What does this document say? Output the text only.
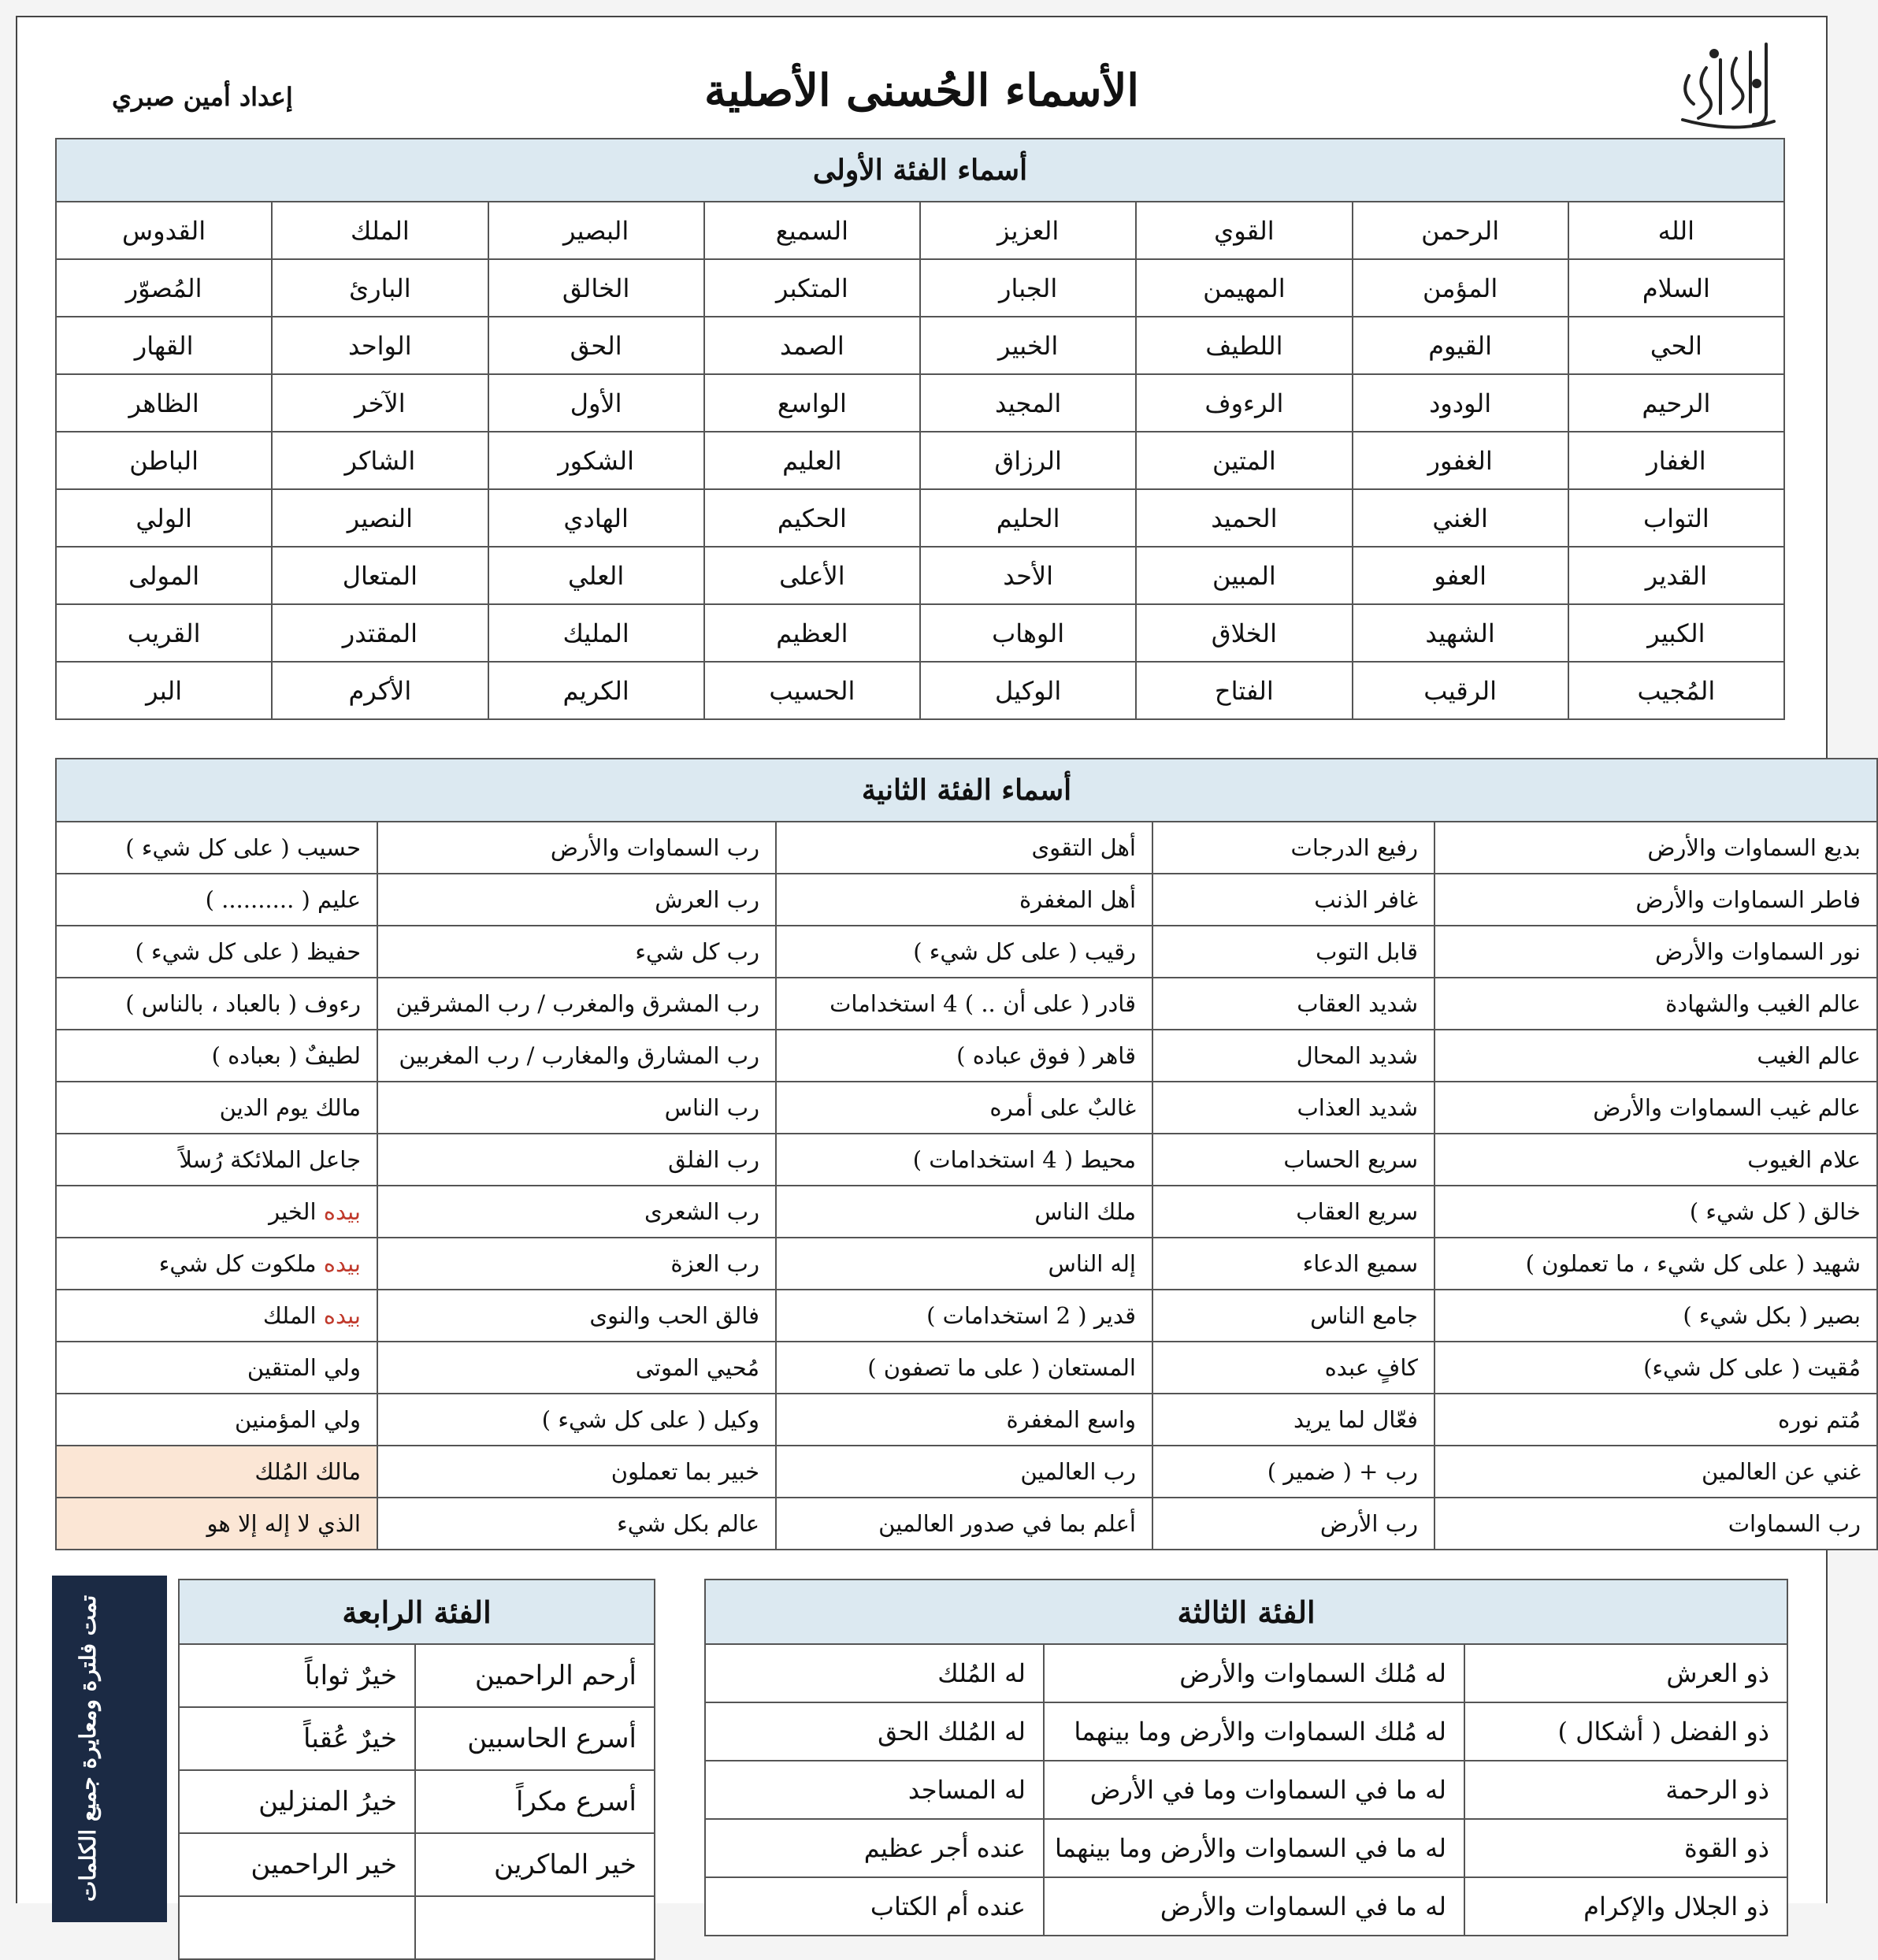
الأسماء الحُسنى الأصلية
إعداد أمين صبري
أسماء الفئة الأولى							
الله	الرحمن	القوي	العزيز	السميع	البصير	الملك	القدوس
السلام	المؤمن	المهيمن	الجبار	المتكبر	الخالق	البارئ	المُصوّر
الحي	القيوم	اللطيف	الخبير	الصمد	الحق	الواحد	القهار
الرحيم	الودود	الرءوف	المجيد	الواسع	الأول	الآخر	الظاهر
الغفار	الغفور	المتين	الرزاق	العليم	الشكور	الشاكر	الباطن
التواب	الغني	الحميد	الحليم	الحكيم	الهادي	النصير	الولي
القدير	العفو	المبين	الأحد	الأعلى	العلي	المتعال	المولى
الكبير	الشهيد	الخلاق	الوهاب	العظيم	المليك	المقتدر	القريب
المُجيب	الرقيب	الفتاح	الوكيل	الحسيب	الكريم	الأكرم	البر
أسماء الفئة الثانية				
بديع السماوات والأرض	رفيع الدرجات	أهل التقوى	رب السماوات والأرض	حسيب ( على كل شيء )
فاطر السماوات والأرض	غافر الذنب	أهل المغفرة	رب العرش	عليم ( .......... )
نور السماوات والأرض	قابل التوب	رقيب ( على كل شيء )	رب كل شيء	حفيظ ( على كل شيء )
عالم الغيب والشهادة	شديد العقاب	قادر ( على أن .. ) 4 استخدامات	رب المشرق والمغرب / رب المشرقين	رءوف ( بالعباد ، بالناس )
عالم الغيب	شديد المحال	قاهر ( فوق عباده )	رب المشارق والمغارب / رب المغربين	لطيفٌ ( بعباده )
عالم غيب السماوات والأرض	شديد العذاب	غالبٌ على أمره	رب الناس	مالك يوم الدين
علام الغيوب	سريع الحساب	محيط ( 4 استخدامات )	رب الفلق	جاعل الملائكة رُسلاً
خالق ( كل شيء )	سريع العقاب	ملك الناس	رب الشعرى	بيده الخير
شهيد ( على كل شيء ، ما تعملون )	سميع الدعاء	إله الناس	رب العزة	بيده ملكوت كل شيء
بصير ( بكل شيء )	جامع الناس	قدير ( 2 استخدامات )	فالق الحب والنوى	بيده الملك
مُقيت ( على كل شيء)	كافٍ عبده	المستعان ( على ما تصفون )	مُحيي الموتى	ولي المتقين
مُتم نوره	فعّال لما يريد	واسع المغفرة	وكيل ( على كل شيء )	ولي المؤمنين
غني عن العالمين	رب + ( ضمير )	رب العالمين	خبير بما تعملون	مالك المُلك
رب السماوات	رب الأرض	أعلم بما في صدور العالمين	عالم بكل شيء	الذي لا إله إلا هو
الفئة الثالثة		
ذو العرش	له مُلك السماوات والأرض	له المُلك
ذو الفضل ( أشكال )	له مُلك السماوات والأرض وما بينهما	له المُلك الحق
ذو الرحمة	له ما في السماوات وما في الأرض	له المساجد
ذو القوة	له ما في السماوات والأرض وما بينهما	عنده أجر عظيم
ذو الجلال والإكرام	له ما في السماوات والأرض	عنده أم الكتاب
الفئة الرابعة	
أرحم الراحمين	خيرٌ ثواباً
أسرع الحاسبين	خيرٌ عُقباً
أسرع مكراً	خيرُ المنزلين
خير الماكرين	خير الراحمين

تمت فلترة ومعايرة جميع الكلمات
